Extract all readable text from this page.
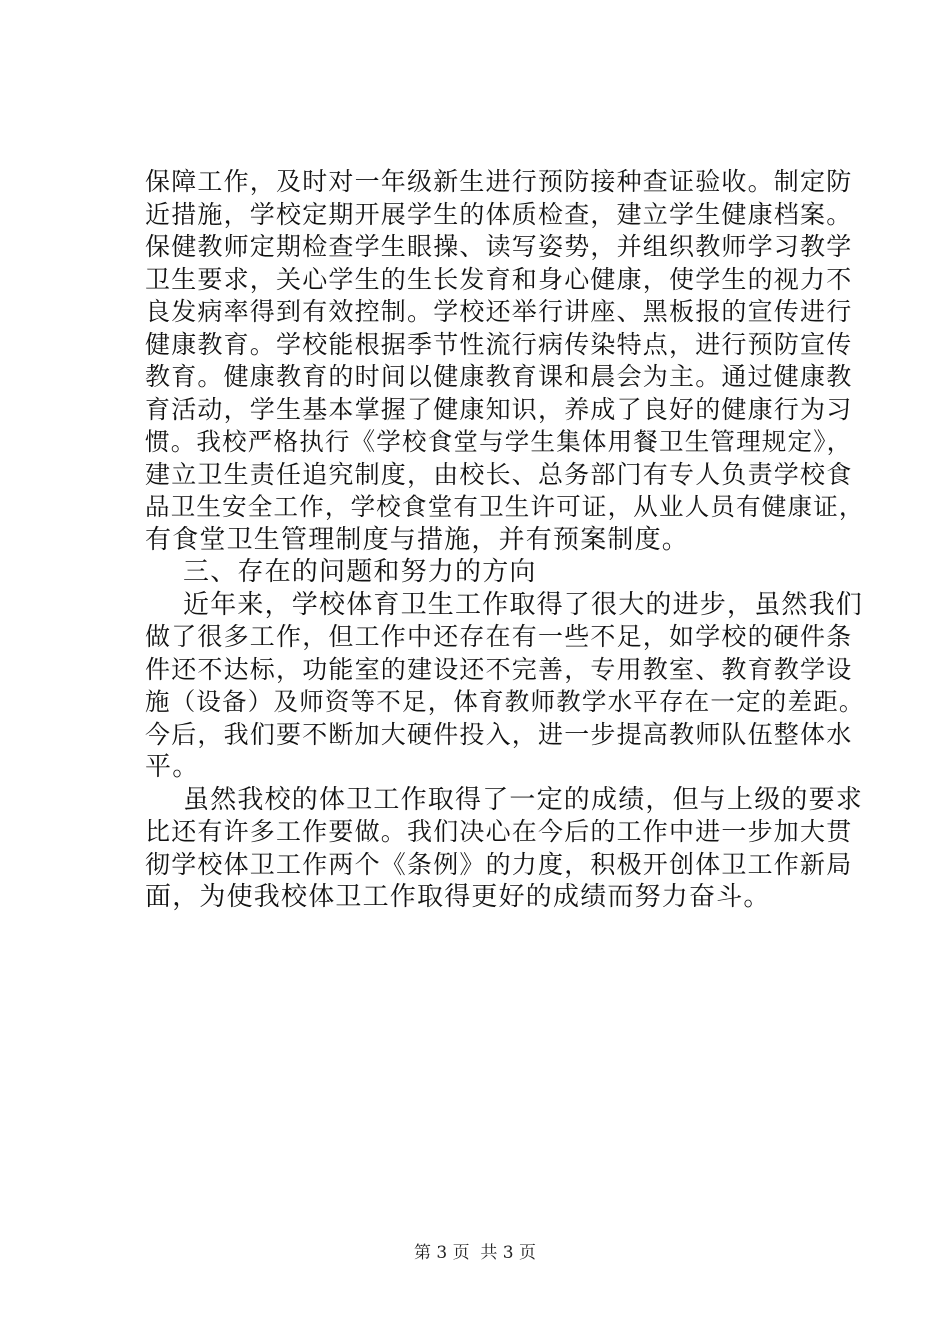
保障工作，及时对一年级新生进行预防接种查证验收。制定防
近措施，学校定期开展学生的体质检查，建立学生健康档案。
保健教师定期检查学生眼操、读写姿势，并组织教师学习教学
卫生要求，关心学生的生长发育和身心健康，使学生的视力不
良发病率得到有效控制。学校还举行讲座、黑板报的宣传进行
健康教育。学校能根据季节性流行病传染特点，进行预防宣传
教育。健康教育的时间以健康教育课和晨会为主。通过健康教
育活动，学生基本掌握了健康知识，养成了良好的健康行为习
惯。我校严格执行《学校食堂与学生集体用餐卫生管理规定》，
建立卫生责任追究制度，由校长、总务部门有专人负责学校食
品卫生安全工作，学校食堂有卫生许可证，从业人员有健康证，
有食堂卫生管理制度与措施，并有预案制度。
三、存在的问题和努力的方向
近年来，学校体育卫生工作取得了很大的进步，虽然我们
做了很多工作，但工作中还存在有一些不足，如学校的硬件条
件还不达标，功能室的建设还不完善，专用教室、教育教学设
施（设备）及师资等不足，体育教师教学水平存在一定的差距。
今后，我们要不断加大硬件投入，进一步提高教师队伍整体水
平。
虽然我校的体卫工作取得了一定的成绩，但与上级的要求
比还有许多工作要做。我们决心在今后的工作中进一步加大贯
彻学校体卫工作两个《条例》的力度，积极开创体卫工作新局
面，为使我校体卫工作取得更好的成绩而努力奋斗。
第 3 页  共 3 页
